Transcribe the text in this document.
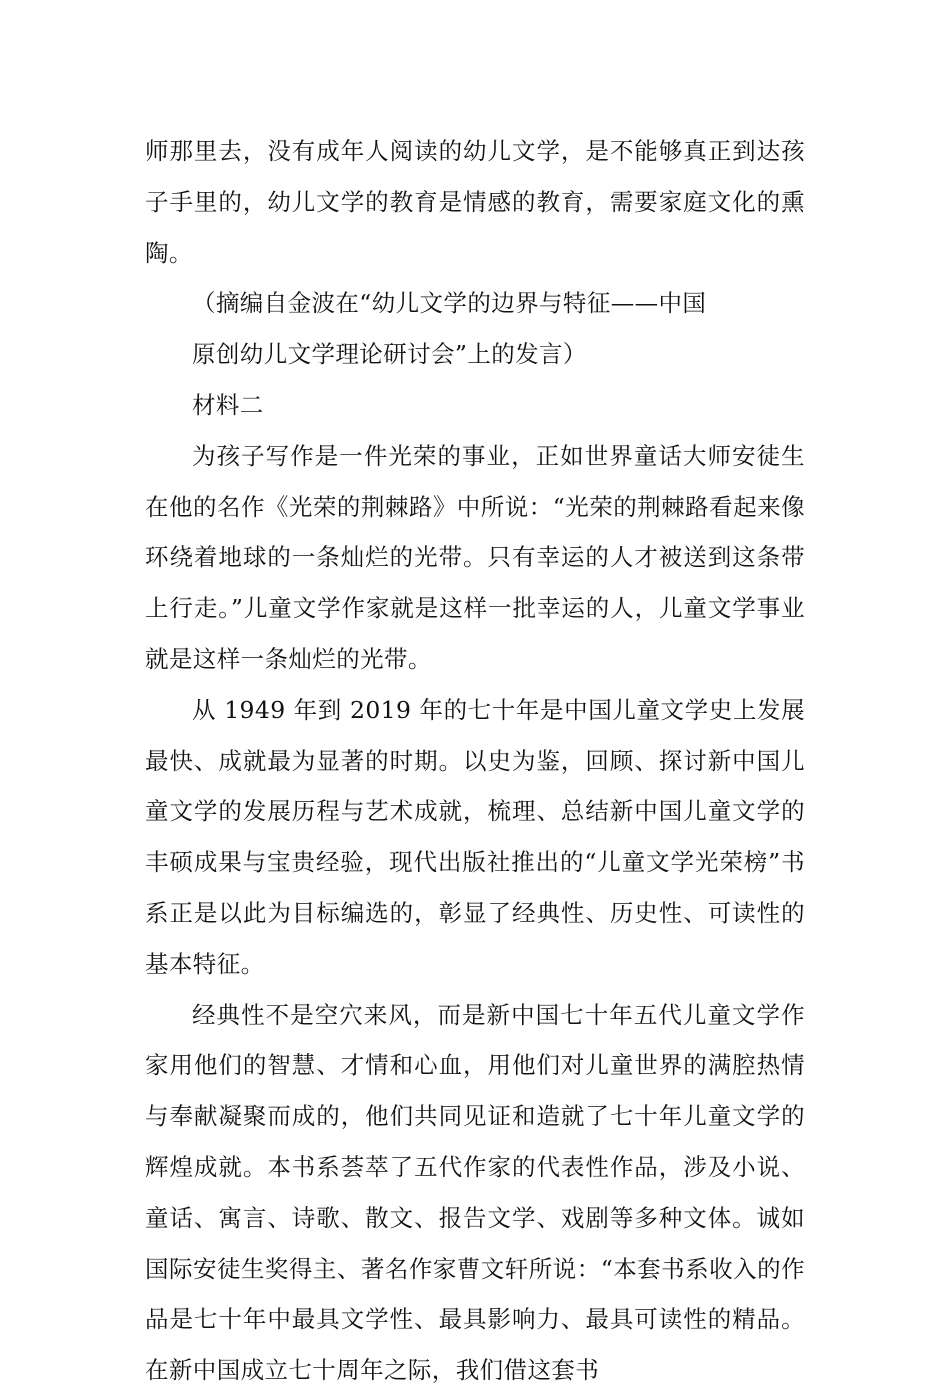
师那里去，没有成年人阅读的幼儿文学，是不能够真正到达孩子手里的，幼儿文学的教育是情感的教育，需要家庭文化的熏陶。

（摘编自金波在“幼儿文学的边界与特征——中国

原创幼儿文学理论研讨会”上的发言）

材料二

为孩子写作是一件光荣的事业，正如世界童话大师安徒生在他的名作《光荣的荆棘路》中所说：“光荣的荆棘路看起来像环绕着地球的一条灿烂的光带。只有幸运的人才被送到这条带上行走。”儿童文学作家就是这样一批幸运的人，儿童文学事业就是这样一条灿烂的光带。

从 1949 年到 2019 年的七十年是中国儿童文学史上发展最快、成就最为显著的时期。以史为鉴，回顾、探讨新中国儿童文学的发展历程与艺术成就，梳理、总结新中国儿童文学的丰硕成果与宝贵经验，现代出版社推出的“儿童文学光荣榜”书系正是以此为目标编选的，彰显了经典性、历史性、可读性的基本特征。

经典性不是空穴来风，而是新中国七十年五代儿童文学作家用他们的智慧、才情和心血，用他们对儿童世界的满腔热情与奉献凝聚而成的，他们共同见证和造就了七十年儿童文学的辉煌成就。本书系荟萃了五代作家的代表性作品，涉及小说、童话、寓言、诗歌、散文、报告文学、戏剧等多种文体。诚如国际安徒生奖得主、著名作家曹文轩所说：“本套书系收入的作品是七十年中最具文学性、最具影响力、最具可读性的精品。在新中国成立七十周年之际，我们借这套书
